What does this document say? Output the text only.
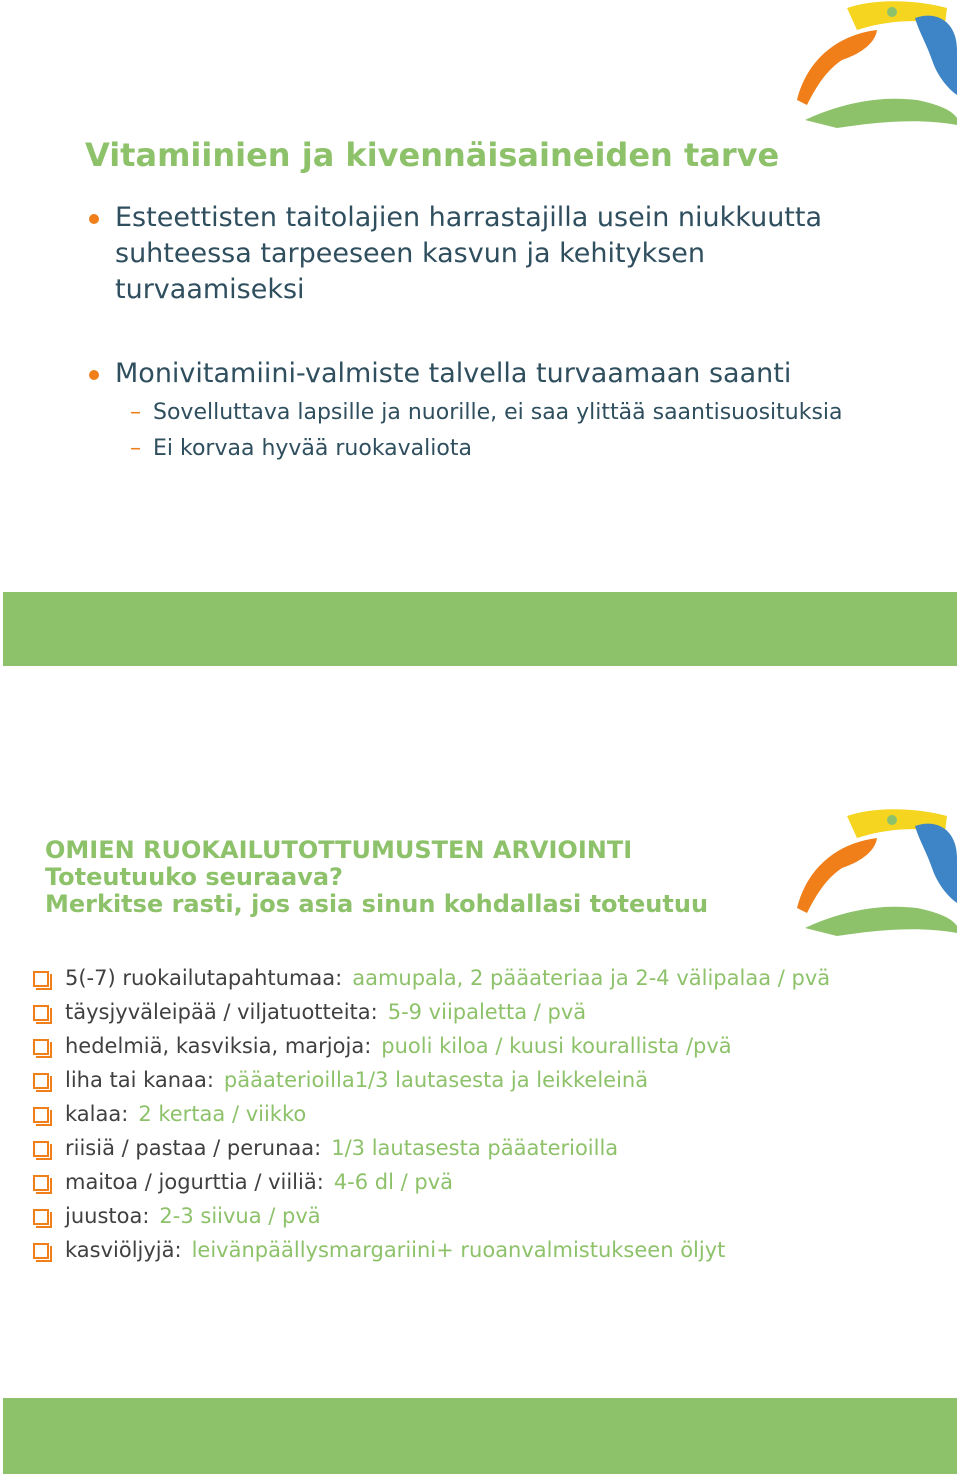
Vitamiinien ja kivennäisaineiden tarve
Esteettisten taitolajien harrastajilla usein niukkuutta suhteessa tarpeeseen kasvun ja kehityksen turvaamiseksi
Monivitamiini-valmiste talvella turvaamaan saanti
– Sovelluttava lapsille ja nuorille, ei saa ylittää saantisuosituksia
– Ei korvaa hyvää ruokavaliota
OMIEN RUOKAILUTOTTUMUSTEN ARVIOINTI
Toteutuuko seuraava?
Merkitse rasti, jos asia sinun kohdallasi toteutuu
5(-7) ruokailutapahtumaa: aamupala, 2 pääateriaa ja 2-4 välipalaa / pvä
täysjyväleipää / viljatuotteita: 5-9 viipaletta / pvä
hedelmiä, kasviksia, marjoja: puoli kiloa / kuusi kourallista /pvä
liha tai kanaa: pääaterioilla1/3 lautasesta ja leikkeleinä
kalaa: 2 kertaa / viikko
riisiä / pastaa / perunaa: 1/3 lautasesta pääaterioilla
maitoa / jogurttia / viiliä: 4-6 dl / pvä
juustoa: 2-3 siivua / pvä
kasviöljyjä: leivänpäällysmargariini+ ruoanvalmistukseen öljyt
